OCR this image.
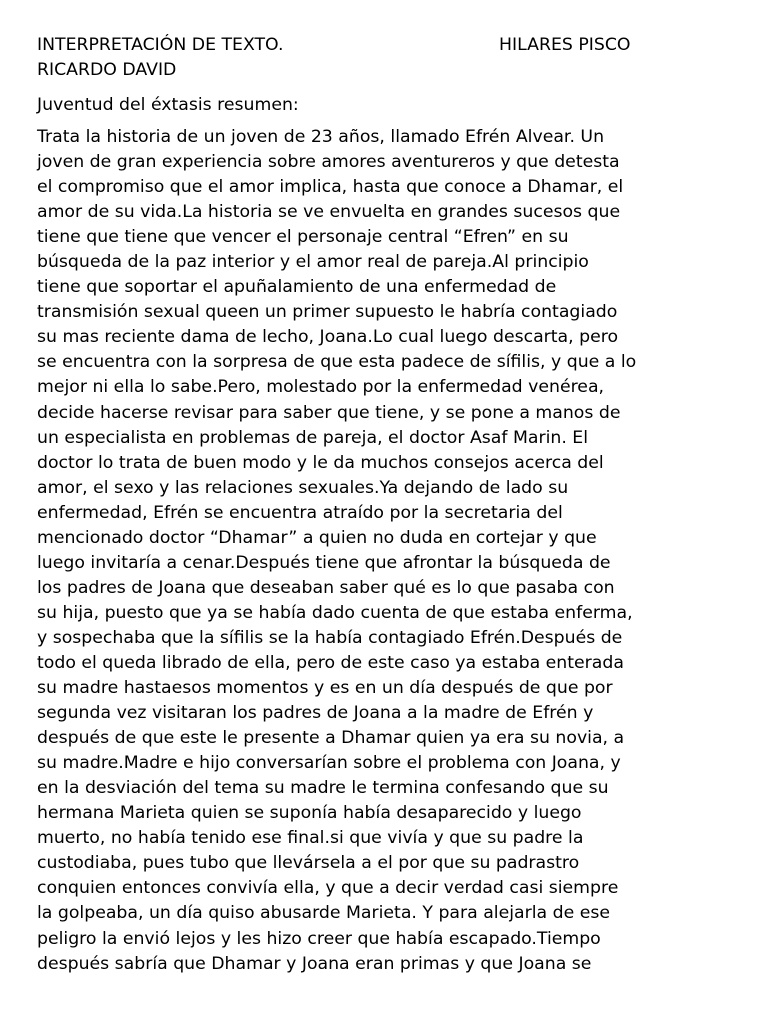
INTERPRETACIÓN DE TEXTO.	HILARES PISCO
RICARDO DAVID
Juventud del éxtasis resumen:
Trata la historia de un joven de 23 años, llamado Efrén Alvear. Un
joven de gran experiencia sobre amores aventureros y que detesta
el compromiso que el amor implica, hasta que conoce a Dhamar, el
amor de su vida.La historia se ve envuelta en grandes sucesos que
tiene que tiene que vencer el personaje central “Efren” en su
búsqueda de la paz interior y el amor real de pareja.Al principio
tiene que soportar el apuñalamiento de una enfermedad de
transmisión sexual queen un primer supuesto le habría contagiado
su mas reciente dama de lecho, Joana.Lo cual luego descarta, pero
se encuentra con la sorpresa de que esta padece de sífilis, y que a lo
mejor ni ella lo sabe.Pero, molestado por la enfermedad venérea,
decide hacerse revisar para saber que tiene, y se pone a manos de
un especialista en problemas de pareja, el doctor Asaf Marin. El
doctor lo trata de buen modo y le da muchos consejos acerca del
amor, el sexo y las relaciones sexuales.Ya dejando de lado su
enfermedad, Efrén se encuentra atraído por la secretaria del
mencionado doctor “Dhamar” a quien no duda en cortejar y que
luego invitaría a cenar.Después tiene que afrontar la búsqueda de
los padres de Joana que deseaban saber qué es lo que pasaba con
su hija, puesto que ya se había dado cuenta de que estaba enferma,
y sospechaba que la sífilis se la había contagiado Efrén.Después de
todo el queda librado de ella, pero de este caso ya estaba enterada
su madre hastaesos momentos y es en un día después de que por
segunda vez visitaran los padres de Joana a la madre de Efrén y
después de que este le presente a Dhamar quien ya era su novia, a
su madre.Madre e hijo conversarían sobre el problema con Joana, y
en la desviación del tema su madre le termina confesando que su
hermana Marieta quien se suponía había desaparecido y luego
muerto, no había tenido ese final.si que vivía y que su padre la
custodiaba, pues tubo que llevársela a el por que su padrastro
conquien entonces convivía ella, y que a decir verdad casi siempre
la golpeaba, un día quiso abusarde Marieta. Y para alejarla de ese
peligro la envió lejos y les hizo creer que había escapado.Tiempo
después sabría que Dhamar y Joana eran primas y que Joana se
